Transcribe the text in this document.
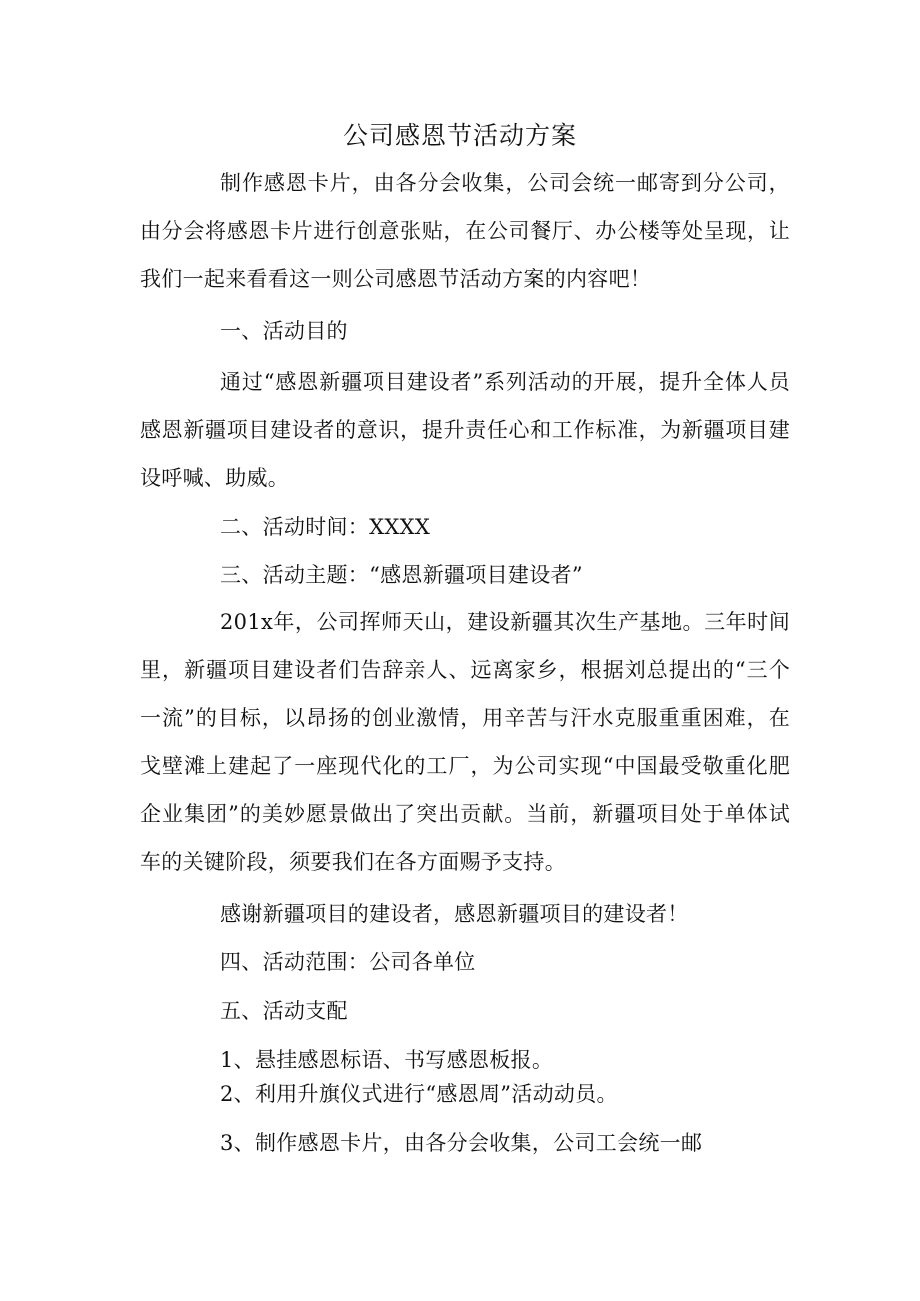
公司感恩节活动方案
制作感恩卡片，由各分会收集，公司会统一邮寄到分公司，由分会将感恩卡片进行创意张贴，在公司餐厅、办公楼等处呈现，让我们一起来看看这一则公司感恩节活动方案的内容吧！
一、活动目的
通过“感恩新疆项目建设者”系列活动的开展，提升全体人员感恩新疆项目建设者的意识，提升责任心和工作标准，为新疆项目建设呼喊、助威。
二、活动时间：XXXX
三、活动主题：“感恩新疆项目建设者”
201x年，公司挥师天山，建设新疆其次生产基地。三年时间里，新疆项目建设者们告辞亲人、远离家乡，根据刘总提出的“三个一流”的目标，以昂扬的创业激情，用辛苦与汗水克服重重困难，在戈壁滩上建起了一座现代化的工厂，为公司实现“中国最受敬重化肥企业集团”的美妙愿景做出了突出贡献。当前，新疆项目处于单体试车的关键阶段，须要我们在各方面赐予支持。
感谢新疆项目的建设者，感恩新疆项目的建设者！
四、活动范围：公司各单位
五、活动支配
1、悬挂感恩标语、书写感恩板报。
2、利用升旗仪式进行“感恩周”活动动员。
3、制作感恩卡片，由各分会收集，公司工会统一邮
